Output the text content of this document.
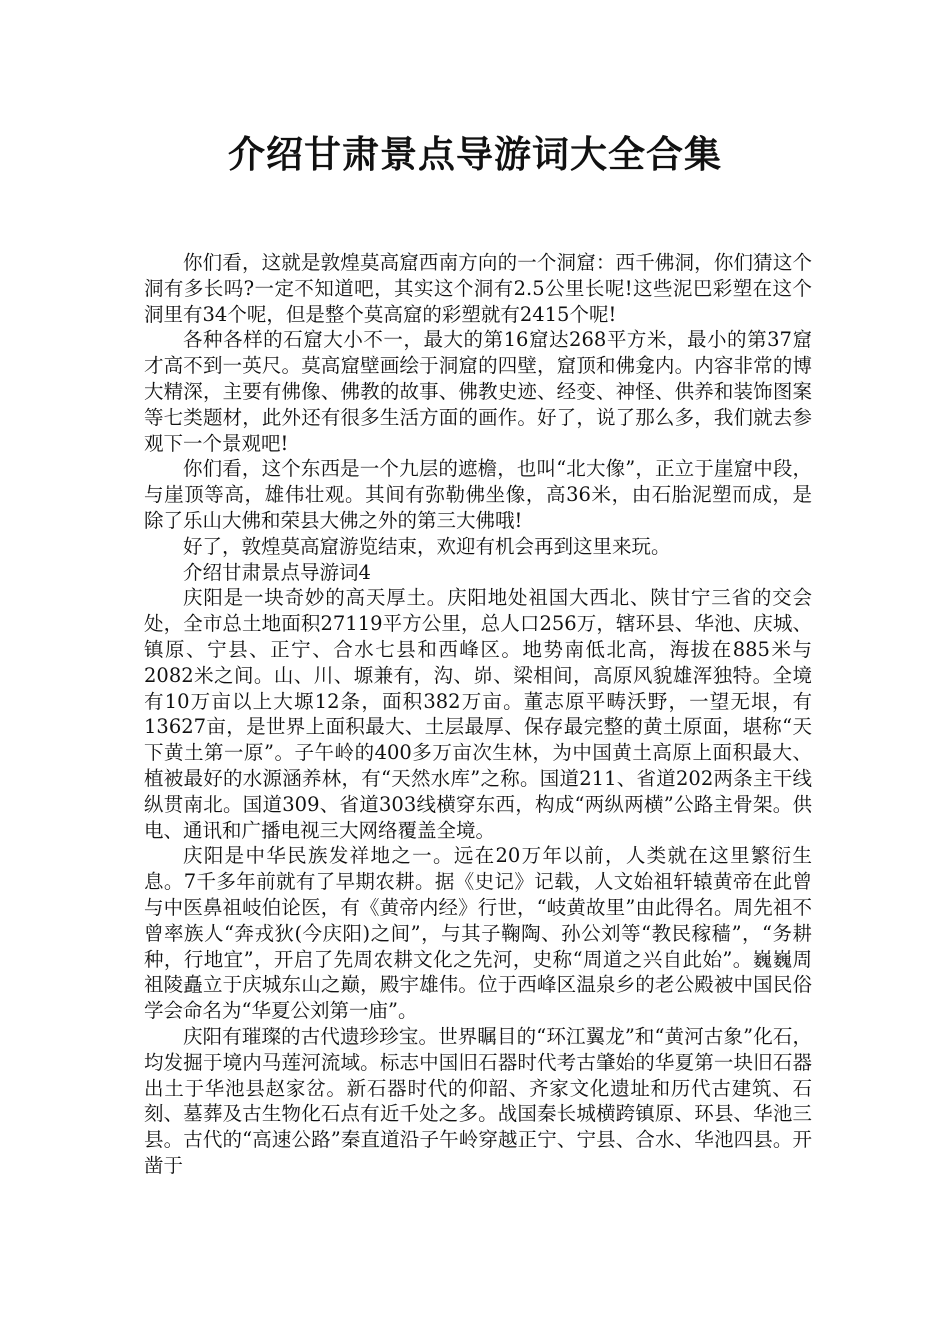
介绍甘肃景点导游词大全合集

你们看，这就是敦煌莫高窟西南方向的一个洞窟：西千佛洞，你们猜这个洞有多长吗?一定不知道吧，其实这个洞有2.5公里长呢!这些泥巴彩塑在这个洞里有34个呢，但是整个莫高窟的彩塑就有2415个呢!

各种各样的石窟大小不一，最大的第16窟达268平方米，最小的第37窟才高不到一英尺。莫高窟壁画绘于洞窟的四壁，窟顶和佛龛内。内容非常的博大精深，主要有佛像、佛教的故事、佛教史迹、经变、神怪、供养和装饰图案等七类题材，此外还有很多生活方面的画作。好了，说了那么多，我们就去参观下一个景观吧!

你们看，这个东西是一个九层的遮檐，也叫“北大像”，正立于崖窟中段，与崖顶等高，雄伟壮观。其间有弥勒佛坐像，高36米，由石胎泥塑而成，是除了乐山大佛和荣县大佛之外的第三大佛哦!

好了，敦煌莫高窟游览结束，欢迎有机会再到这里来玩。

介绍甘肃景点导游词4

庆阳是一块奇妙的高天厚土。庆阳地处祖国大西北、陕甘宁三省的交会处，全市总土地面积27119平方公里，总人口256万，辖环县、华池、庆城、镇原、宁县、正宁、合水七县和西峰区。地势南低北高，海拔在885米与2082米之间。山、川、塬兼有，沟、峁、梁相间，高原风貌雄浑独特。全境有10万亩以上大塬12条，面积382万亩。董志原平畴沃野，一望无垠，有13627亩，是世界上面积最大、土层最厚、保存最完整的黄土原面，堪称“天下黄土第一原”。子午岭的400多万亩次生林，为中国黄土高原上面积最大、植被最好的水源涵养林，有“天然水库”之称。国道211、省道202两条主干线纵贯南北。国道309、省道303线横穿东西，构成“两纵两横”公路主骨架。供电、通讯和广播电视三大网络覆盖全境。

庆阳是中华民族发祥地之一。远在20万年以前，人类就在这里繁衍生息。7千多年前就有了早期农耕。据《史记》记载，人文始祖轩辕黄帝在此曾与中医鼻祖岐伯论医，有《黄帝内经》行世，“岐黄故里”由此得名。周先祖不曾率族人“奔戎狄(今庆阳)之间”，与其子鞠陶、孙公刘等“教民稼穑”，“务耕种，行地宜”，开启了先周农耕文化之先河，史称“周道之兴自此始”。巍巍周祖陵矗立于庆城东山之巅，殿宇雄伟。位于西峰区温泉乡的老公殿被中国民俗学会命名为“华夏公刘第一庙”。

庆阳有璀璨的古代遗珍珍宝。世界瞩目的“环江翼龙”和“黄河古象”化石，均发掘于境内马莲河流域。标志中国旧石器时代考古肇始的华夏第一块旧石器出土于华池县赵家岔。新石器时代的仰韶、齐家文化遗址和历代古建筑、石刻、墓葬及古生物化石点有近千处之多。战国秦长城横跨镇原、环县、华池三县。古代的“高速公路”秦直道沿子午岭穿越正宁、宁县、合水、华池四县。开凿于
